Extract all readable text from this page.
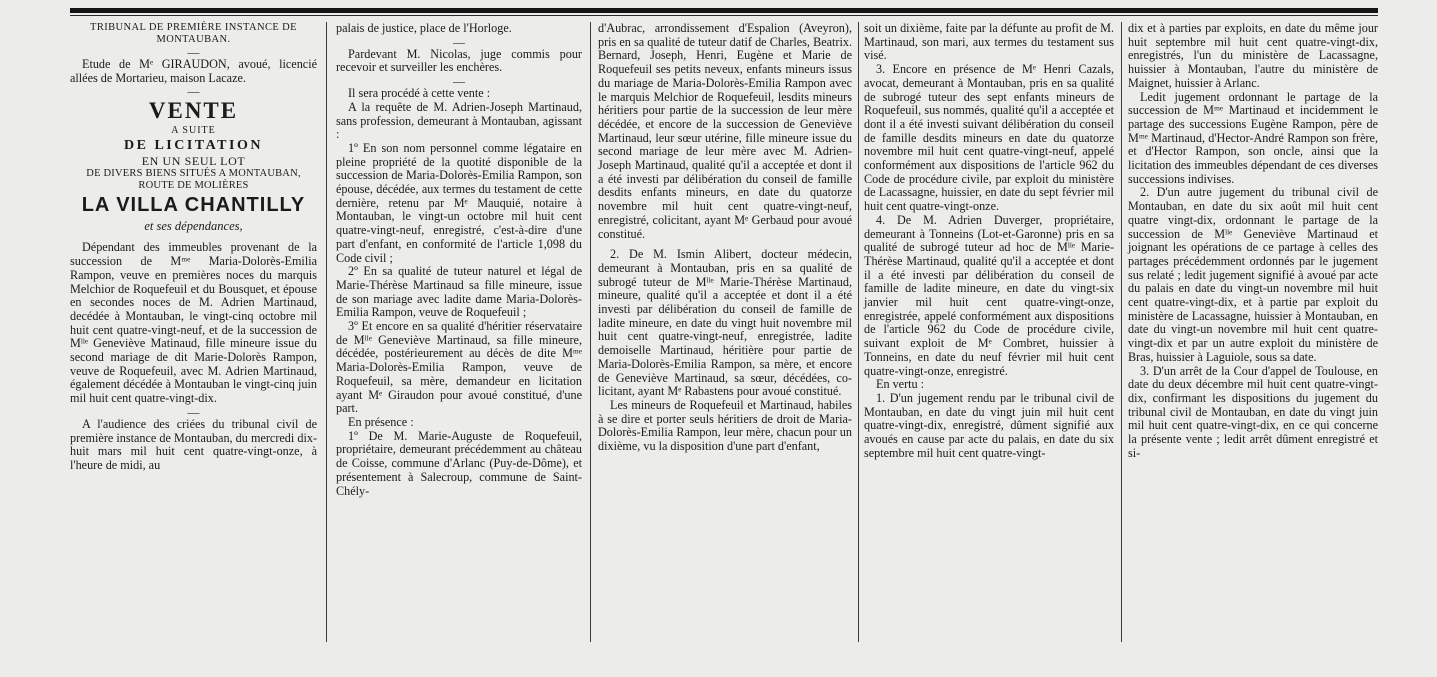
TRIBUNAL DE PREMIÈRE INSTANCE DE MONTAUBAN.

—

Etude de Mᵉ GIRAUDON, avoué, licencié allées de Mortarieu, maison Lacaze.

—

VENTE

A SUITE

DE LICITATION

EN UN SEUL LOT

DE DIVERS BIENS SITUÉS A MONTAUBAN, ROUTE DE MOLIÈRES

LA VILLA CHANTILLY

et ses dépendances,

Dépendant des immeubles provenant de la succession de Mᵐᵉ Maria-Dolorès-Emilia Rampon, veuve en premières noces du marquis Melchior de Roquefeuil et du Bousquet, et épouse en secondes noces de M. Adrien Martinaud, decédée à Montauban, le vingt-cinq octobre mil huit cent quatre-vingt-neuf, et de la succession de Mˡˡᵉ Geneviève Matinaud, fille mineure issue du second mariage de dit Marie-Dolorès Rampon, veuve de Roquefeuil, avec M. Adrien Martinaud, également décédée à Montauban le vingt-cinq juin mil huit cent quatre-vingt-dix.

—

A l'audience des criées du tribunal civil de première instance de Montauban, du mercredi dix-huit mars mil huit cent quatre-vingt-onze, à l'heure de midi, au

palais de justice, place de l'Horloge.

—

Pardevant M. Nicolas, juge commis pour recevoir et surveiller les enchères.

—

Il sera procédé à cette vente :

A la requête de M. Adrien-Joseph Martinaud, sans profession, demeurant à Montauban, agissant :

1º En son nom personnel comme légataire en pleine propriété de la quotité disponible de la succession de Maria-Dolorès-Emilia Rampon, son épouse, décédée, aux termes du testament de cette dernière, retenu par Mᵉ Mauquié, notaire à Montauban, le vingt-un octobre mil huit cent quatre-vingt-neuf, enregistré, c'est-à-dire d'une part d'enfant, en conformité de l'article 1,098 du Code civil ;

2º En sa qualité de tuteur naturel et légal de Marie-Thérèse Martinaud sa fille mineure, issue de son mariage avec ladite dame Maria-Dolorès-Emilia Rampon, veuve de Roquefeuil ;

3º Et encore en sa qualité d'héritier réservataire de Mˡˡᵉ Geneviève Martinaud, sa fille mineure, décédée, postérieurement au décès de dite Mᵐᵉ Maria-Dolorès-Emilia Rampon, veuve de Roquefeuil, sa mère, demandeur en licitation ayant Mᵉ Giraudon pour avoué constitué, d'une part.

En présence :

1º De M. Marie-Auguste de Roquefeuil, propriétaire, demeurant précédemment au château de Coisse, commune d'Arlanc (Puy-de-Dôme), et présentement à Salecroup, commune de Saint-Chély-

d'Aubrac, arrondissement d'Espalion (Aveyron), pris en sa qualité de tuteur datif de Charles, Beatrix. Bernard, Joseph, Henri, Eugène et Marie de Roquefeuil ses petits neveux, enfants mineurs issus du mariage de Maria-Dolorès-Emilia Rampon avec le marquis Melchior de Roquefeuil, lesdits mineurs héritiers pour partie de la succession de leur mère décédée, et encore de la succession de Geneviève Martinaud, leur sœur utérine, fille mineure issue du second mariage de leur mère avec M. Adrien-Joseph Martinaud, qualité qu'il a acceptée et dont il a été investi par délibération du conseil de famille desdits enfants mineurs, en date du quatorze novembre mil huit cent quatre-vingt-neuf, enregistré, colicitant, ayant Mᵉ Gerbaud pour avoué constitué.

2. De M. Ismin Alibert, docteur médecin, demeurant à Montauban, pris en sa qualité de subrogé tuteur de Mˡˡᵉ Marie-Thérèse Martinaud, mineure, qualité qu'il a acceptée et dont il a été investi par délibération du conseil de famille de ladite mineure, en date du vingt huit novembre mil huit cent quatre-vingt-neuf, enregistrée, ladite demoiselle Martinaud, héritière pour partie de Maria-Dolorès-Emilia Rampon, sa mère, et encore de Geneviève Martinaud, sa sœur, décédées, co-licitant, ayant Mᵉ Rabastens pour avoué constitué.

Les mineurs de Roquefeuil et Martinaud, habiles à se dire et porter seuls héritiers de droit de Maria-Dolorès-Emilia Rampon, leur mère, chacun pour un dixième, vu la disposition d'une part d'enfant,

soit un dixième, faite par la défunte au profit de M. Martinaud, son mari, aux termes du testament sus visé.

3. Encore en présence de Mᵉ Henri Cazals, avocat, demeurant à Montauban, pris en sa qualité de subrogé tuteur des sept enfants mineurs de Roquefeuil, sus nommés, qualité qu'il a acceptée et dont il a été investi suivant délibération du conseil de famille desdits mineurs en date du quatorze novembre mil huit cent quatre-vingt-neuf, appelé conformément aux dispositions de l'article 962 du Code de procédure civile, par exploit du ministère de Lacassagne, huissier, en date du sept février mil huit cent quatre-vingt-onze.

4. De M. Adrien Duverger, propriétaire, demeurant à Tonneins (Lot-et-Garonne) pris en sa qualité de subrogé tuteur ad hoc de Mˡˡᵉ Marie-Thérèse Martinaud, qualité qu'il a acceptée et dont il a été investi par délibération du conseil de famille de ladite mineure, en date du vingt-six janvier mil huit cent quatre-vingt-onze, enregistrée, appelé conformément aux dispositions de l'article 962 du Code de procédure civile, suivant exploit de Mᵉ Combret, huissier à Tonneins, en date du neuf février mil huit cent quatre-vingt-onze, enregistré.

En vertu :

1. D'un jugement rendu par le tribunal civil de Montauban, en date du vingt juin mil huit cent quatre-vingt-dix, enregistré, dûment signifié aux avoués en cause par acte du palais, en date du six septembre mil huit cent quatre-vingt-

dix et à parties par exploits, en date du même jour huit septembre mil huit cent quatre-vingt-dix, enregistrés, l'un du ministère de Lacassagne, huissier à Montauban, l'autre du ministère de Maignet, huissier à Arlanc.

Ledit jugement ordonnant le partage de la succession de Mᵐᵉ Martinaud et incidemment le partage des successions Eugène Rampon, père de Mᵐᵉ Martinaud, d'Hector-André Rampon son frère, et d'Hector Rampon, son oncle, ainsi que la licitation des immeubles dépendant de ces diverses successions indivises.

2. D'un autre jugement du tribunal civil de Montauban, en date du six août mil huit cent quatre vingt-dix, ordonnant le partage de la succession de Mˡˡᵉ Geneviève Martinaud et joignant les opérations de ce partage à celles des partages précédemment ordonnés par le jugement sus relaté ; ledit jugement signifié à avoué par acte du palais en date du vingt-un novembre mil huit cent quatre-vingt-dix, et à partie par exploit du ministère de Lacassagne, huissier à Montauban, en date du vingt-un novembre mil huit cent quatre-vingt-dix et par un autre exploit du ministère de Bras, huissier à Laguiole, sous sa date.

3. D'un arrêt de la Cour d'appel de Toulouse, en date du deux décembre mil huit cent quatre-vingt-dix, confirmant les dispositions du jugement du tribunal civil de Montauban, en date du vingt juin mil huit cent quatre-vingt-dix, en ce qui concerne la présente vente ; ledit arrêt dûment enregistré et si-
